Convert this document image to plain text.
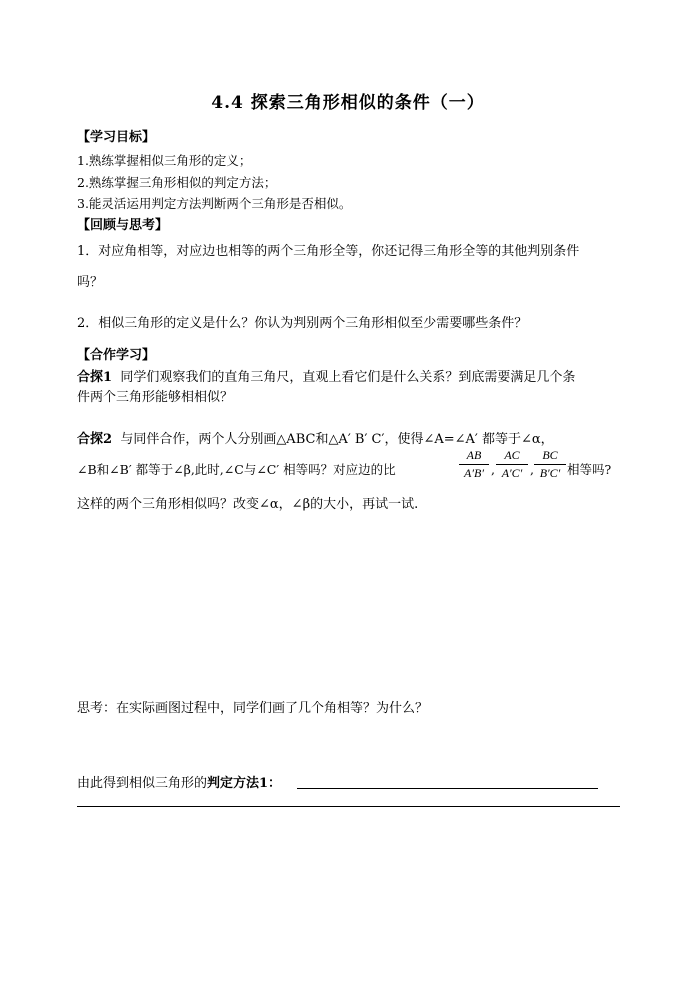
4.4 探索三角形相似的条件（一）
【学习目标】
1.熟练掌握相似三角形的定义；
2.熟练掌握三角形相似的判定方法；
3.能灵活运用判定方法判断两个三角形是否相似。
【回顾与思考】
1．对应角相等，对应边也相等的两个三角形全等，你还记得三角形全等的其他判别条件
吗？
2．相似三角形的定义是什么？你认为判别两个三角形相似至少需要哪些条件？
【合作学习】
合探1 同学们观察我们的直角三角尺，直观上看它们是什么关系？到底需要满足几个条
件两个三角形能够相相似？
合探2 与同伴合作，两个人分别画△ABC和△A′ B′ C′，使得∠A=∠A′ 都等于∠α，
∠B和∠B′ 都等于∠β,此时,∠C与∠C′ 相等吗？对应边的比
AB
A′B′ ,
AC
A′C′ ,
BC
B′C′ 相等吗?
这样的两个三角形相似吗？改变∠α，∠β的大小，再试一试.
思考：在实际画图过程中，同学们画了几个角相等？为什么？
由此得到相似三角形的判定方法1：
